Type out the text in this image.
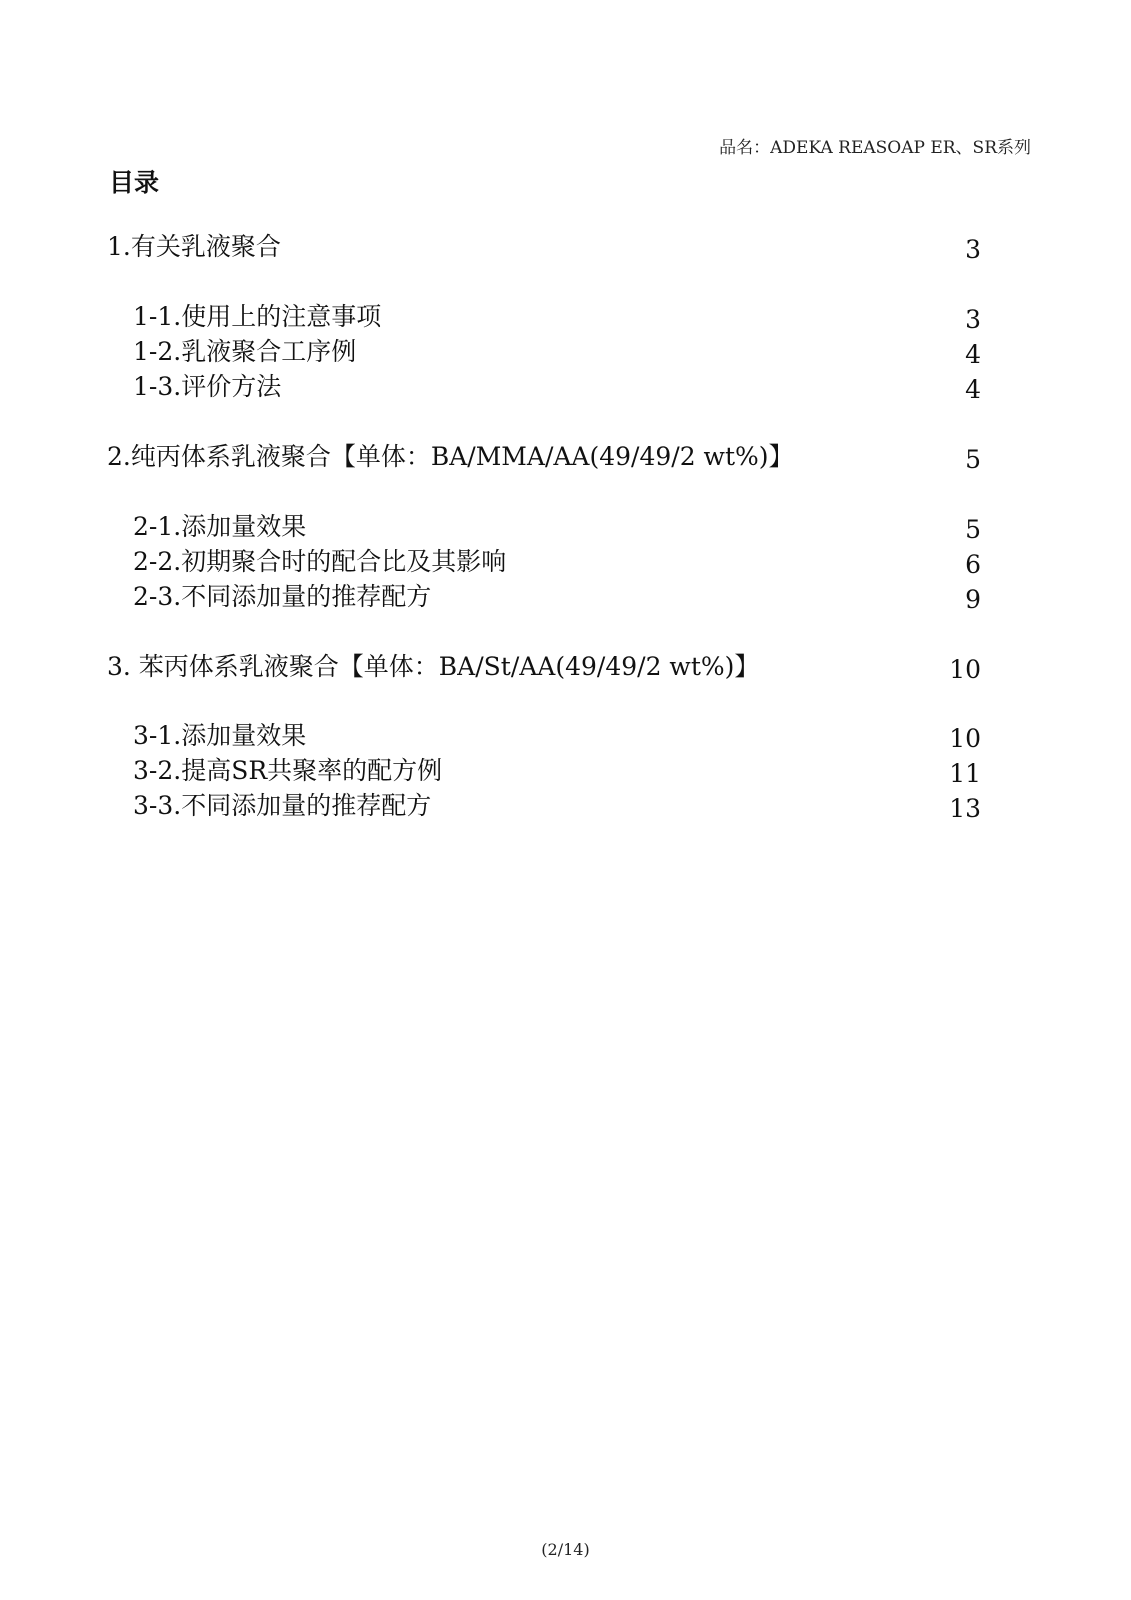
品名：ADEKA REASOAP ER、SR系列
目录
1.有关乳液聚合	3
1-1.使用上的注意事项	3
1-2.乳液聚合工序例	4
1-3.评价方法	4
2.纯丙体系乳液聚合【单体：BA/MMA/AA(49/49/2 wt%)】	5
2-1.添加量效果	5
2-2.初期聚合时的配合比及其影响	6
2-3.不同添加量的推荐配方	9
3. 苯丙体系乳液聚合【单体：BA/St/AA(49/49/2 wt%)】	10
3-1.添加量效果	10
3-2.提高SR共聚率的配方例	11
3-3.不同添加量的推荐配方	13
(2/14)
